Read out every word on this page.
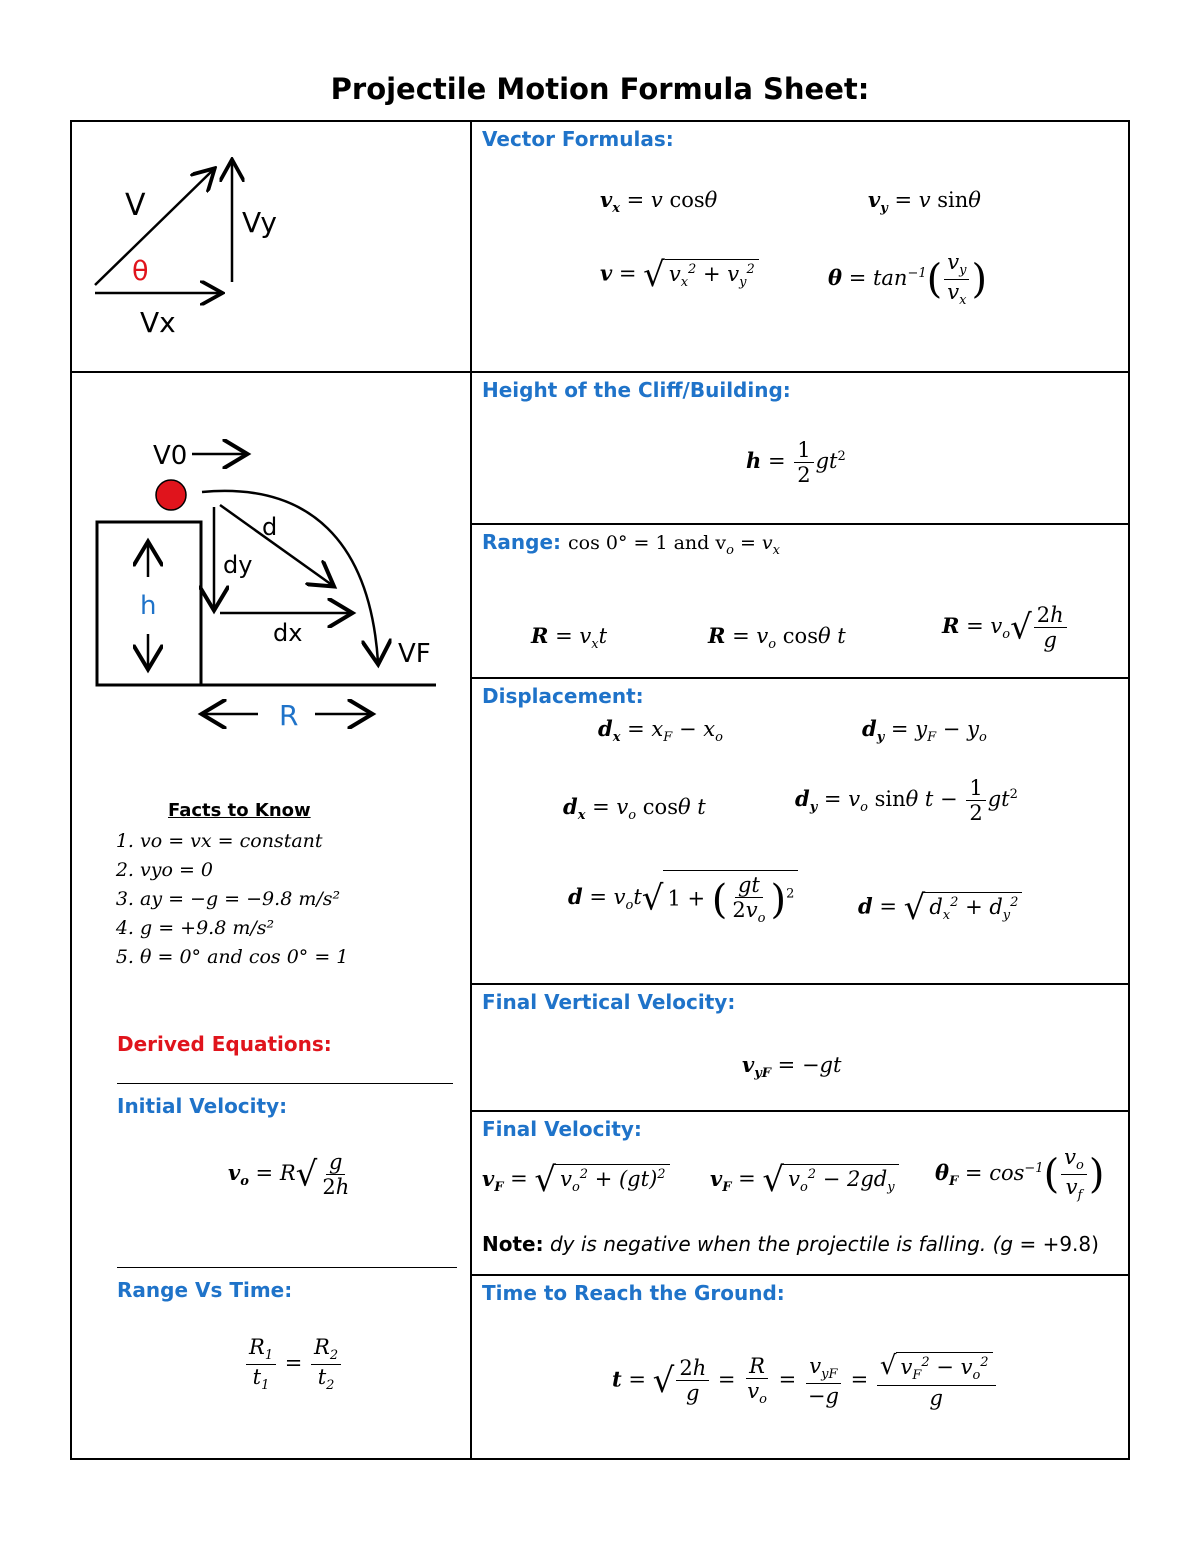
Projectile Motion Formula Sheet:
V
θ
Vy
Vx
V0
h
d
dy
dx
VF
R
Facts to Know
1. vo = vx = constant
2. vyo = 0
3. ay = −g = −9.8 m/s²
4. g = +9.8 m/s²
5. θ = 0° and cos 0° = 1
Derived Equations:
Initial Velocity:
$v_o = R√ \frac{g}{2h}$
Range Vs Time:
$\frac{R_1}{t_1} = \frac{R_2}{t_2}$
Vector Formulas:
$v_x = v$ cosθ	$v_y = v$ sinθ
v = √ $v_x^2 + v_y^2$	$\theta = \tan^{-1}( \frac{v_y}{v_x}$ )
Height of the Cliff/Building:
$h = \frac{1}{2} gt^2$
Range: cos 0° = 1 and $v_o = v_x$
$R = v_xt$	$R = v_o$ cosθ t	$R = v_o√ \frac{2h}{g}$
Displacement:
$d_x = x_F - x_o$	$d_y = y_F - y_o$
$d_x = v_o$ cosθ t	$d_y = v_o$ sinθ $t - \frac{1}{2} gt^2$
$d = v_ot√$ 1 + ( $\frac{gt}{2v_o} )^2$	d = √ $d_x^2 + d_y^2$
Final Vertical Velocity:
$v_{yF} = -gt$
Final Velocity:
$v_F$ = √ $v_o^2 + (gt)^2$ $v_F$ = √ $v_o^2 - 2gd_y$
$\theta_F = \cos^{-1}( \frac{v_o}{v_f}$ )
Note: dy is negative when the projectile is falling. (g = +9.8)
Time to Reach the Ground:
t = √ $\frac{2h}{g} = \frac{R}{v_o} = \frac{v_{yF}}{-g} = \frac{√ v_F^2 - v_o^2}{g}$
